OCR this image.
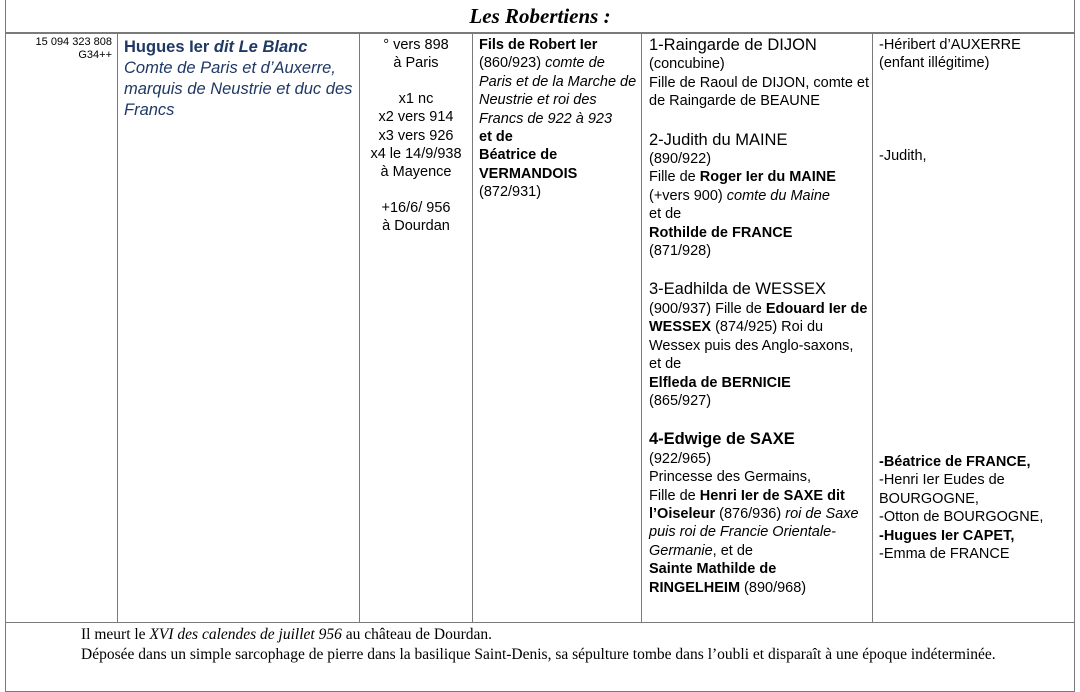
Les Robertiens :
15 094 323 808
G34++ Hugues Ier dit Le Blanc
Comte de Paris et d’Auxerre, marquis de Neustrie et duc des Francs
° vers 898
à Paris
x1 nc
x2 vers 914
x3 vers 926
x4 le 14/9/938
à Mayence
+16/6/ 956
à Dourdan
Fils de Robert Ier
(860/923) comte de Paris et de la Marche de Neustrie et roi des Francs de 922 à 923
et de
Béatrice de VERMANDOIS
(872/931)
1-Raingarde de DIJON
(concubine)
Fille de Raoul de DIJON, comte et de Raingarde de BEAUNE
2-Judith du MAINE
(890/922)
Fille de Roger Ier du MAINE
(+vers 900) comte du Maine
et de
Rothilde de FRANCE
(871/928)
3-Eadhilda de WESSEX
(900/937) Fille de Edouard Ier de WESSEX (874/925) Roi du Wessex puis des Anglo-saxons, et de
Elfleda de BERNICIE
(865/927)
4-Edwige de SAXE
(922/965)
Princesse des Germains,
Fille de Henri Ier de SAXE dit l’Oiseleur (876/936) roi de Saxe puis roi de Francie Orientale-Germanie, et de
Sainte Mathilde de RINGELHEIM (890/968)
-Héribert d’AUXERRE (enfant illégitime)
-Judith,
-Béatrice de FRANCE,
-Henri Ier Eudes de BOURGOGNE,
-Otton de BOURGOGNE,
-Hugues Ier CAPET,
-Emma de FRANCE
Il meurt le XVI des calendes de juillet 956 au château de Dourdan.
Déposée dans un simple sarcophage de pierre dans la basilique Saint-Denis, sa sépulture tombe dans l’oubli et disparaît à une époque indéterminée.
